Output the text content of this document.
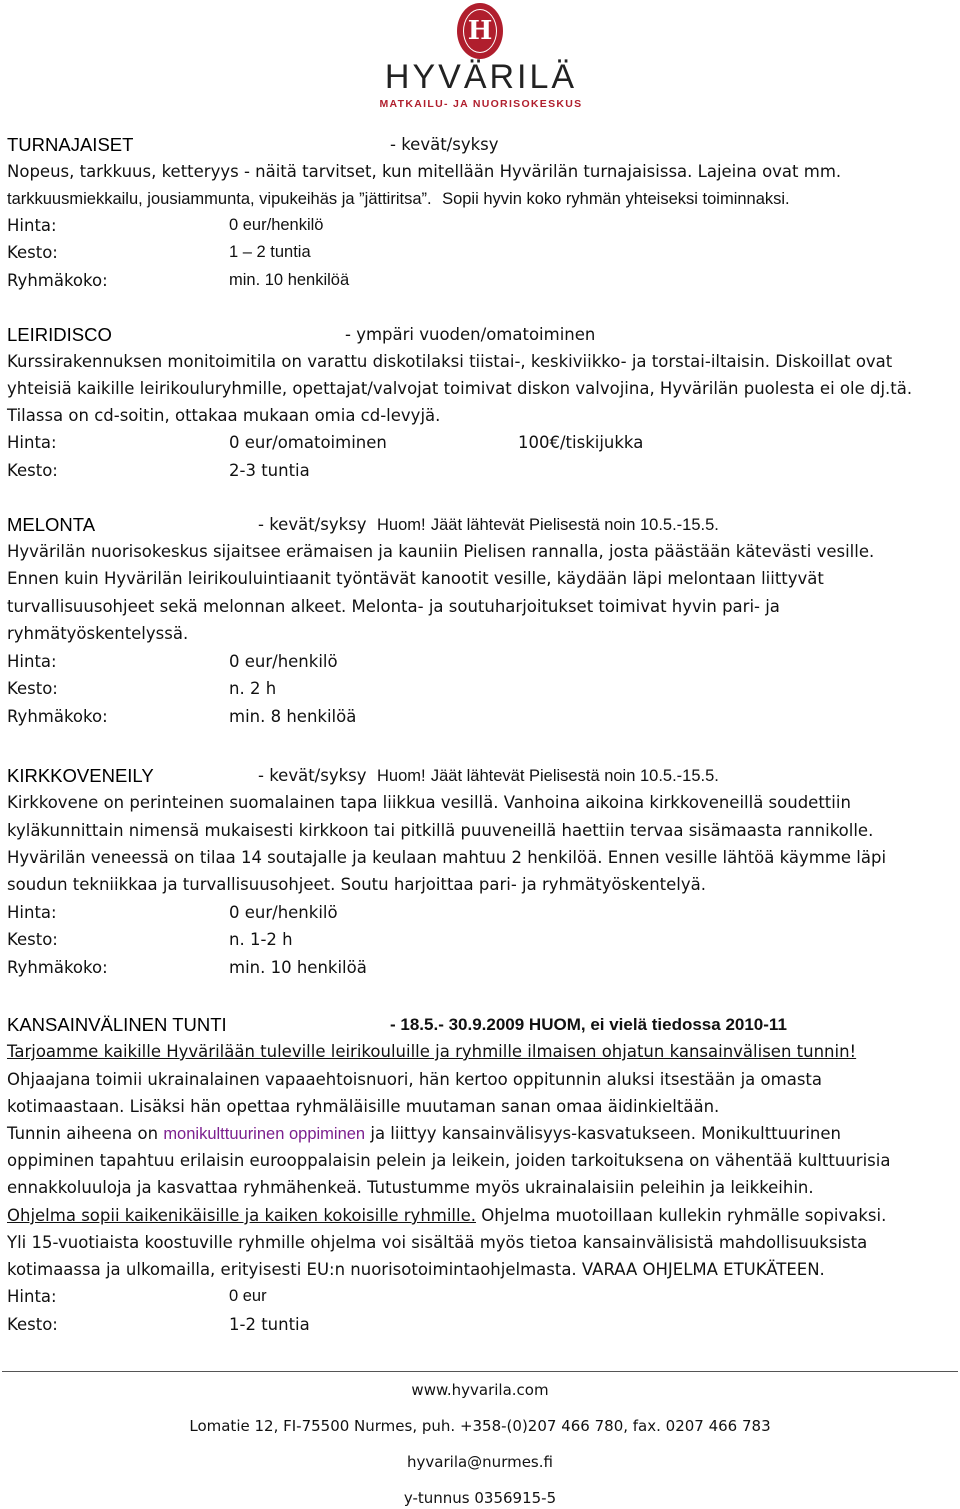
H
HYVÄRILÄ
MATKAILU- JA NUORISOKESKUS
TURNAJAISET	- kevät/syksy
Nopeus, tarkkuus, ketteryys - näitä tarvitset, kun mitellään Hyvärilän turnajaisissa. Lajeina ovat mm.
tarkkuusmiekkailu, jousiammunta, vipukeihäs ja ”jättiritsa”. Sopii hyvin koko ryhmän yhteiseksi toiminnaksi.
Hinta:	0 eur/henkilö
Kesto:	1 – 2 tuntia
Ryhmäkoko:	min. 10 henkilöä
LEIRIDISCO	- ympäri vuoden/omatoiminen
Kurssirakennuksen monitoimitila on varattu diskotilaksi tiistai-, keskiviikko- ja torstai-iltaisin. Diskoillat ovat
yhteisiä kaikille leirikouluryhmille, opettajat/valvojat toimivat diskon valvojina, Hyvärilän puolesta ei ole dj.tä.
Tilassa on cd-soitin, ottakaa mukaan omia cd-levyjä.
Hinta:	0 eur/omatoiminen	100€/tiskijukka
Kesto:	2-3 tuntia
MELONTA	- kevät/syksy Huom! Jäät lähtevät Pielisestä noin 10.5.-15.5.
Hyvärilän nuorisokeskus sijaitsee erämaisen ja kauniin Pielisen rannalla, josta päästään kätevästi vesille.
Ennen kuin Hyvärilän leirikouluintiaanit työntävät kanootit vesille, käydään läpi melontaan liittyvät
turvallisuusohjeet sekä melonnan alkeet. Melonta- ja soutuharjoitukset toimivat hyvin pari- ja
ryhmätyöskentelyssä.
Hinta:	0 eur/henkilö
Kesto:	n. 2 h
Ryhmäkoko:	min. 8 henkilöä
KIRKKOVENEILY	- kevät/syksy Huom! Jäät lähtevät Pielisestä noin 10.5.-15.5.
Kirkkovene on perinteinen suomalainen tapa liikkua vesillä. Vanhoina aikoina kirkkoveneillä soudettiin
kyläkunnittain nimensä mukaisesti kirkkoon tai pitkillä puuveneillä haettiin tervaa sisämaasta rannikolle.
Hyvärilän veneessä on tilaa 14 soutajalle ja keulaan mahtuu 2 henkilöä. Ennen vesille lähtöä käymme läpi
soudun tekniikkaa ja turvallisuusohjeet. Soutu harjoittaa pari- ja ryhmätyöskentelyä.
Hinta:	0 eur/henkilö
Kesto:	n. 1-2 h
Ryhmäkoko:	min. 10 henkilöä
KANSAINVÄLINEN TUNTI	- 18.5.- 30.9.2009 HUOM, ei vielä tiedossa 2010-11
Tarjoamme kaikille Hyvärilään tuleville leirikouluille ja ryhmille ilmaisen ohjatun kansainvälisen tunnin!
Ohjaajana toimii ukrainalainen vapaaehtoisnuori, hän kertoo oppitunnin aluksi itsestään ja omasta
kotimaastaan. Lisäksi hän opettaa ryhmäläisille muutaman sanan omaa äidinkieltään.
Tunnin aiheena on monikulttuurinen oppiminen ja liittyy kansainvälisyys-kasvatukseen. Monikulttuurinen
oppiminen tapahtuu erilaisin eurooppalaisin pelein ja leikein, joiden tarkoituksena on vähentää kulttuurisia
ennakkoluuloja ja kasvattaa ryhmähenkeä. Tutustumme myös ukrainalaisiin peleihin ja leikkeihin.
Ohjelma sopii kaikenikäisille ja kaiken kokoisille ryhmille. Ohjelma muotoillaan kullekin ryhmälle sopivaksi.
Yli 15-vuotiaista koostuville ryhmille ohjelma voi sisältää myös tietoa kansainvälisistä mahdollisuuksista
kotimaassa ja ulkomailla, erityisesti EU:n nuorisotoimintaohjelmasta. VARAA OHJELMA ETUKÄTEEN.
Hinta:	0 eur
Kesto:	1-2 tuntia
www.hyvarila.com
Lomatie 12, FI-75500 Nurmes, puh. +358-(0)207 466 780, fax. 0207 466 783
hyvarila@nurmes.fi
y-tunnus 0356915-5
